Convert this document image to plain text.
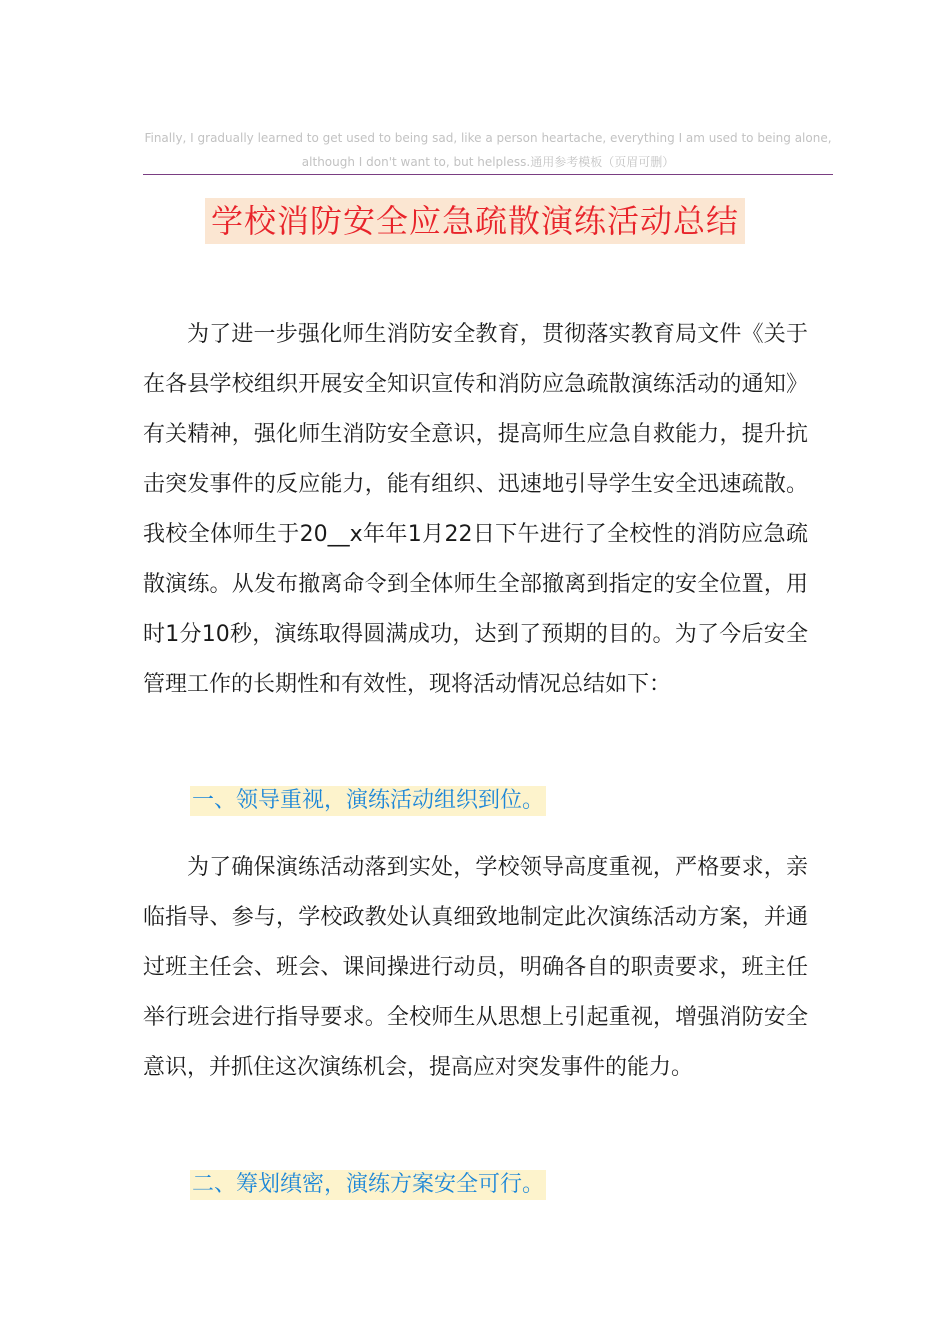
Finally, I gradually learned to get used to being sad, like a person heartache, everything I am used to being alone,
although I don't want to, but helpless.通用参考模板（页眉可删）
学校消防安全应急疏散演练活动总结

为了进一步强化师生消防安全教育，贯彻落实教育局文件《关于在各县学校组织开展安全知识宣传和消防应急疏散演练活动的通知》有关精神，强化师生消防安全意识，提高师生应急自救能力，提升抗击突发事件的反应能力，能有组织、迅速地引导学生安全迅速疏散。我校全体师生于20__x年年1月22日下午进行了全校性的消防应急疏散演练。从发布撤离命令到全体师生全部撤离到指定的安全位置，用时1分10秒，演练取得圆满成功，达到了预期的目的。为了今后安全管理工作的长期性和有效性，现将活动情况总结如下：

一、领导重视，演练活动组织到位。

为了确保演练活动落到实处，学校领导高度重视，严格要求，亲临指导、参与，学校政教处认真细致地制定此次演练活动方案，并通过班主任会、班会、课间操进行动员，明确各自的职责要求，班主任举行班会进行指导要求。全校师生从思想上引起重视，增强消防安全意识，并抓住这次演练机会，提高应对突发事件的能力。

二、筹划缜密，演练方案安全可行。
